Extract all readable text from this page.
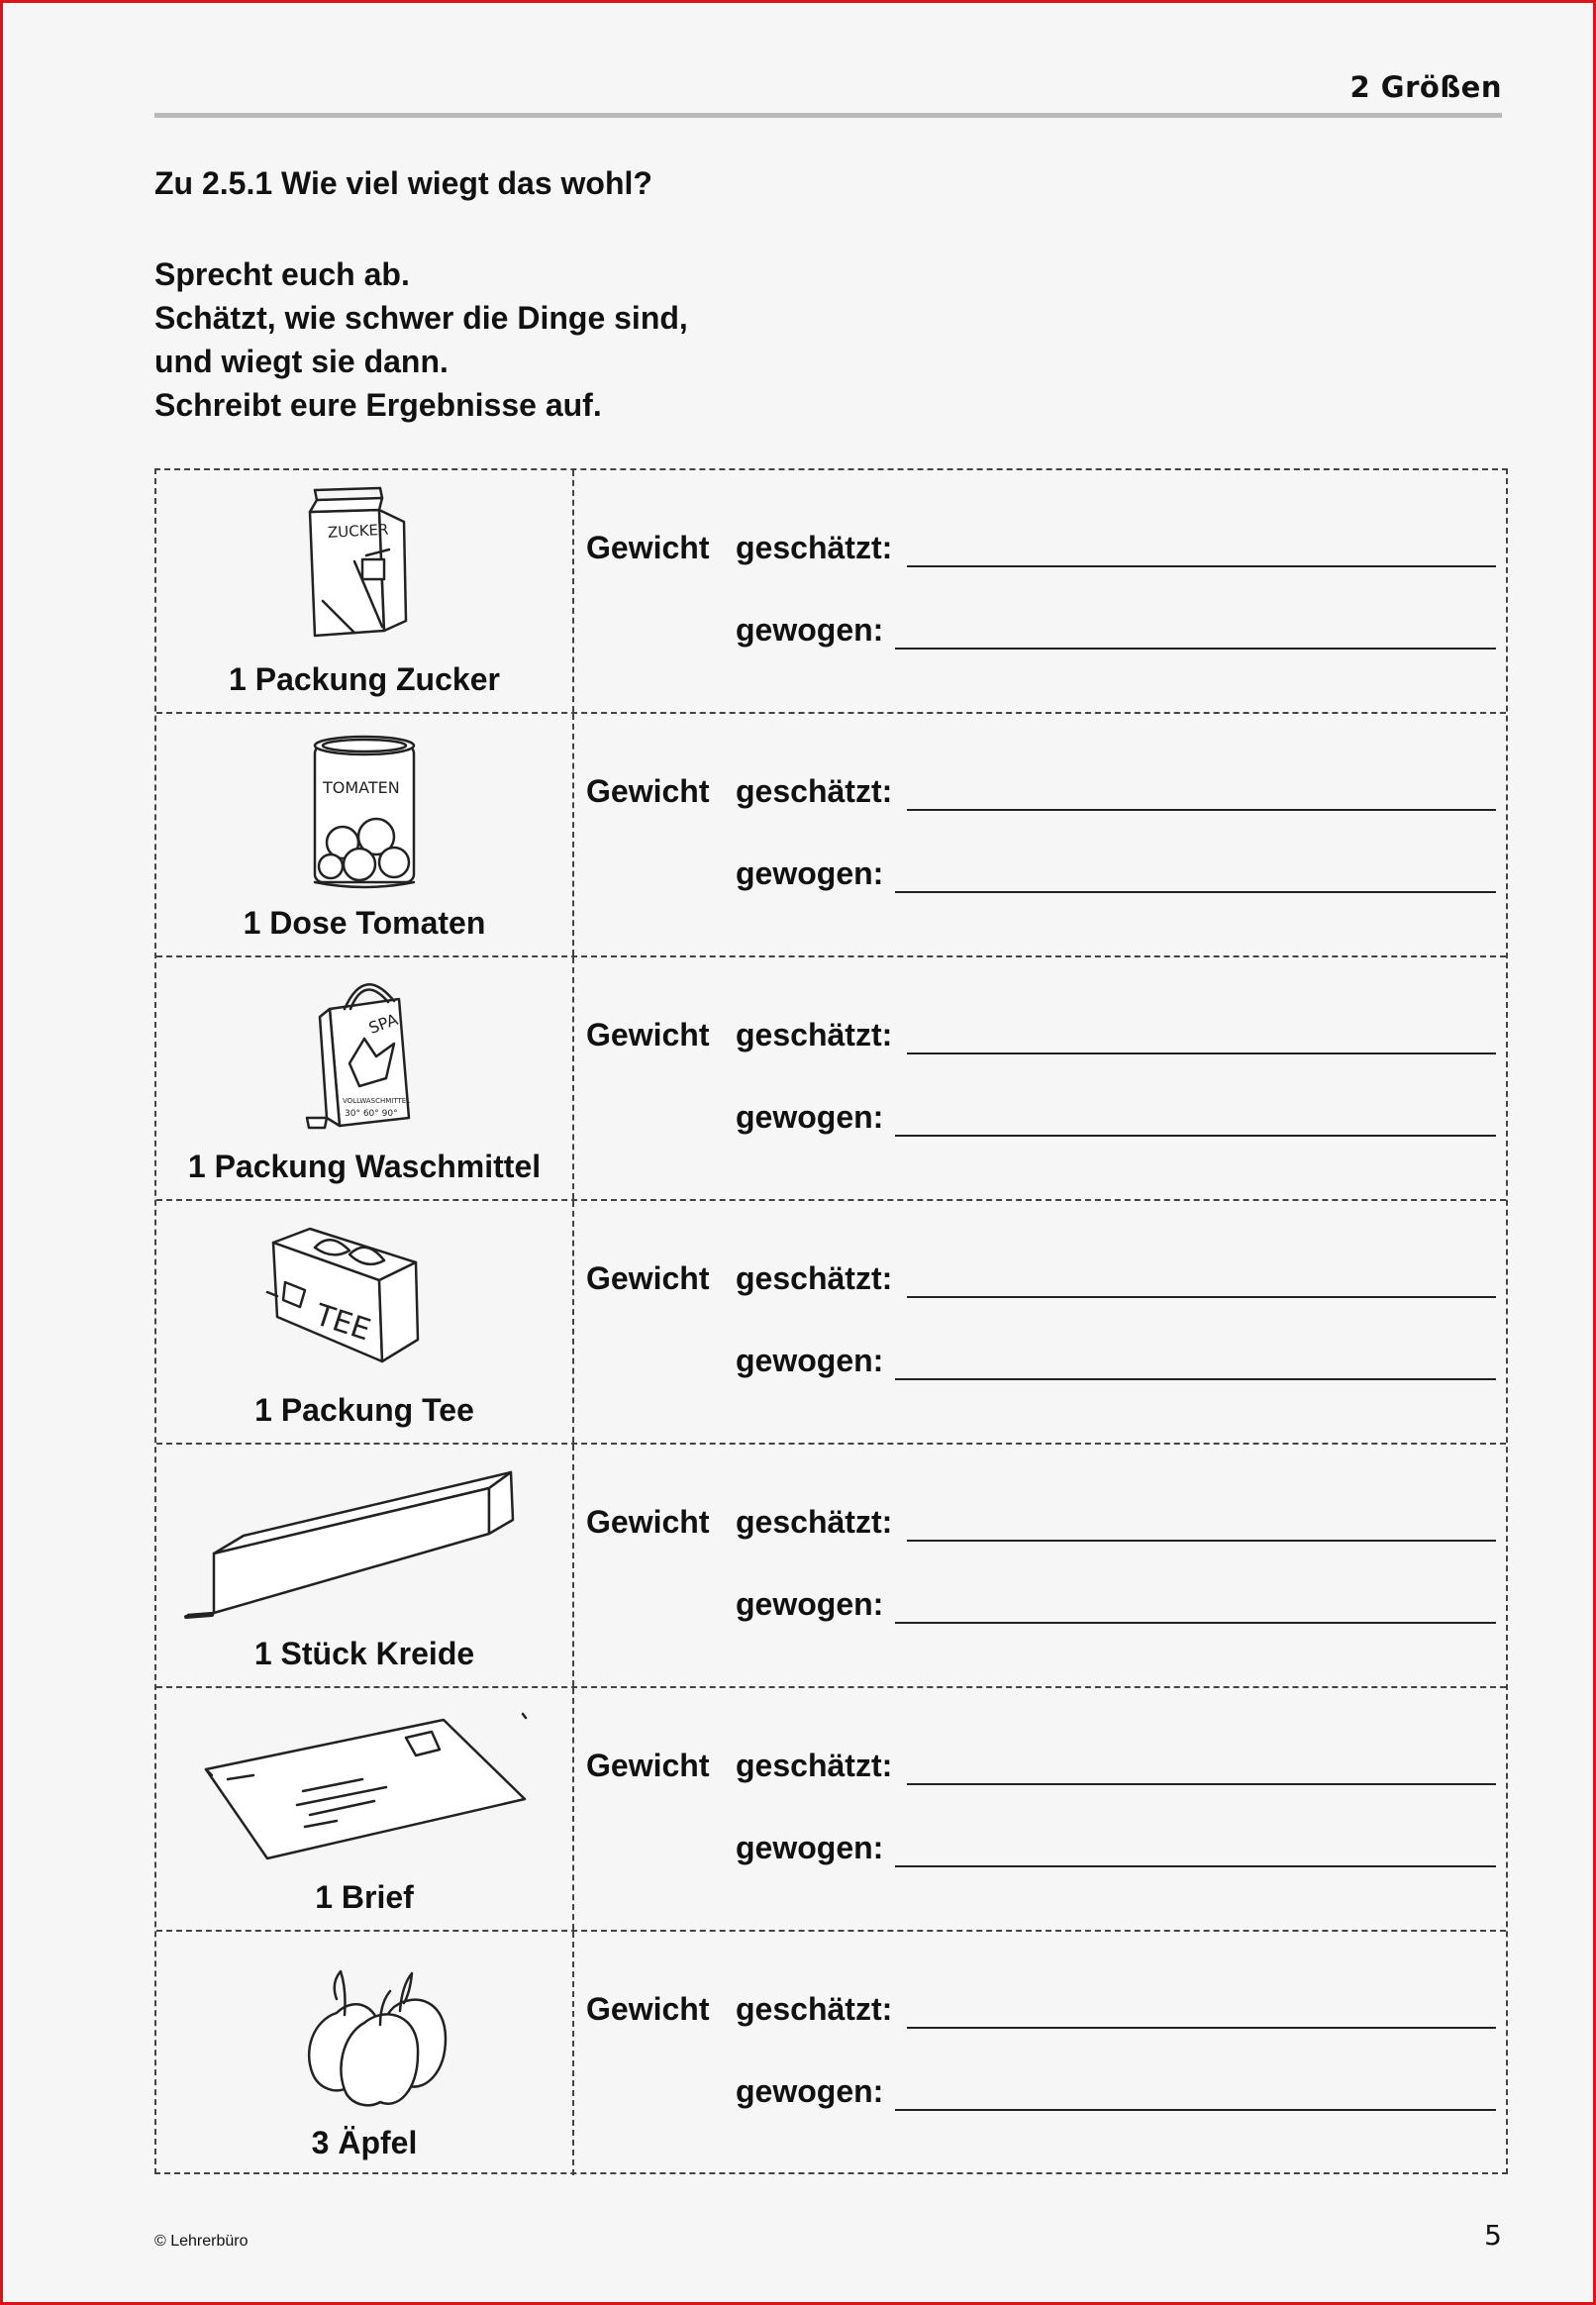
2 Größen
Zu 2.5.1 Wie viel wiegt das wohl?
Sprecht euch ab.
Schätzt, wie schwer die Dinge sind,
und wiegt sie dann.
Schreibt eure Ergebnisse auf.
ZUCKER
1 Packung Zucker
Gewicht geschätzt:
gewogen:
TOMATEN
1 Dose Tomaten
Gewicht geschätzt:
gewogen:
SPA
VOLLWASCHMITTEL
30° 60° 90°
1 Packung Waschmittel
Gewicht geschätzt:
gewogen:
TEE
1 Packung Tee
Gewicht geschätzt:
gewogen:
1 Stück Kreide
Gewicht geschätzt:
gewogen:
1 Brief
Gewicht geschätzt:
gewogen:
3 Äpfel
Gewicht geschätzt:
gewogen:
© Lehrerbüro	5
